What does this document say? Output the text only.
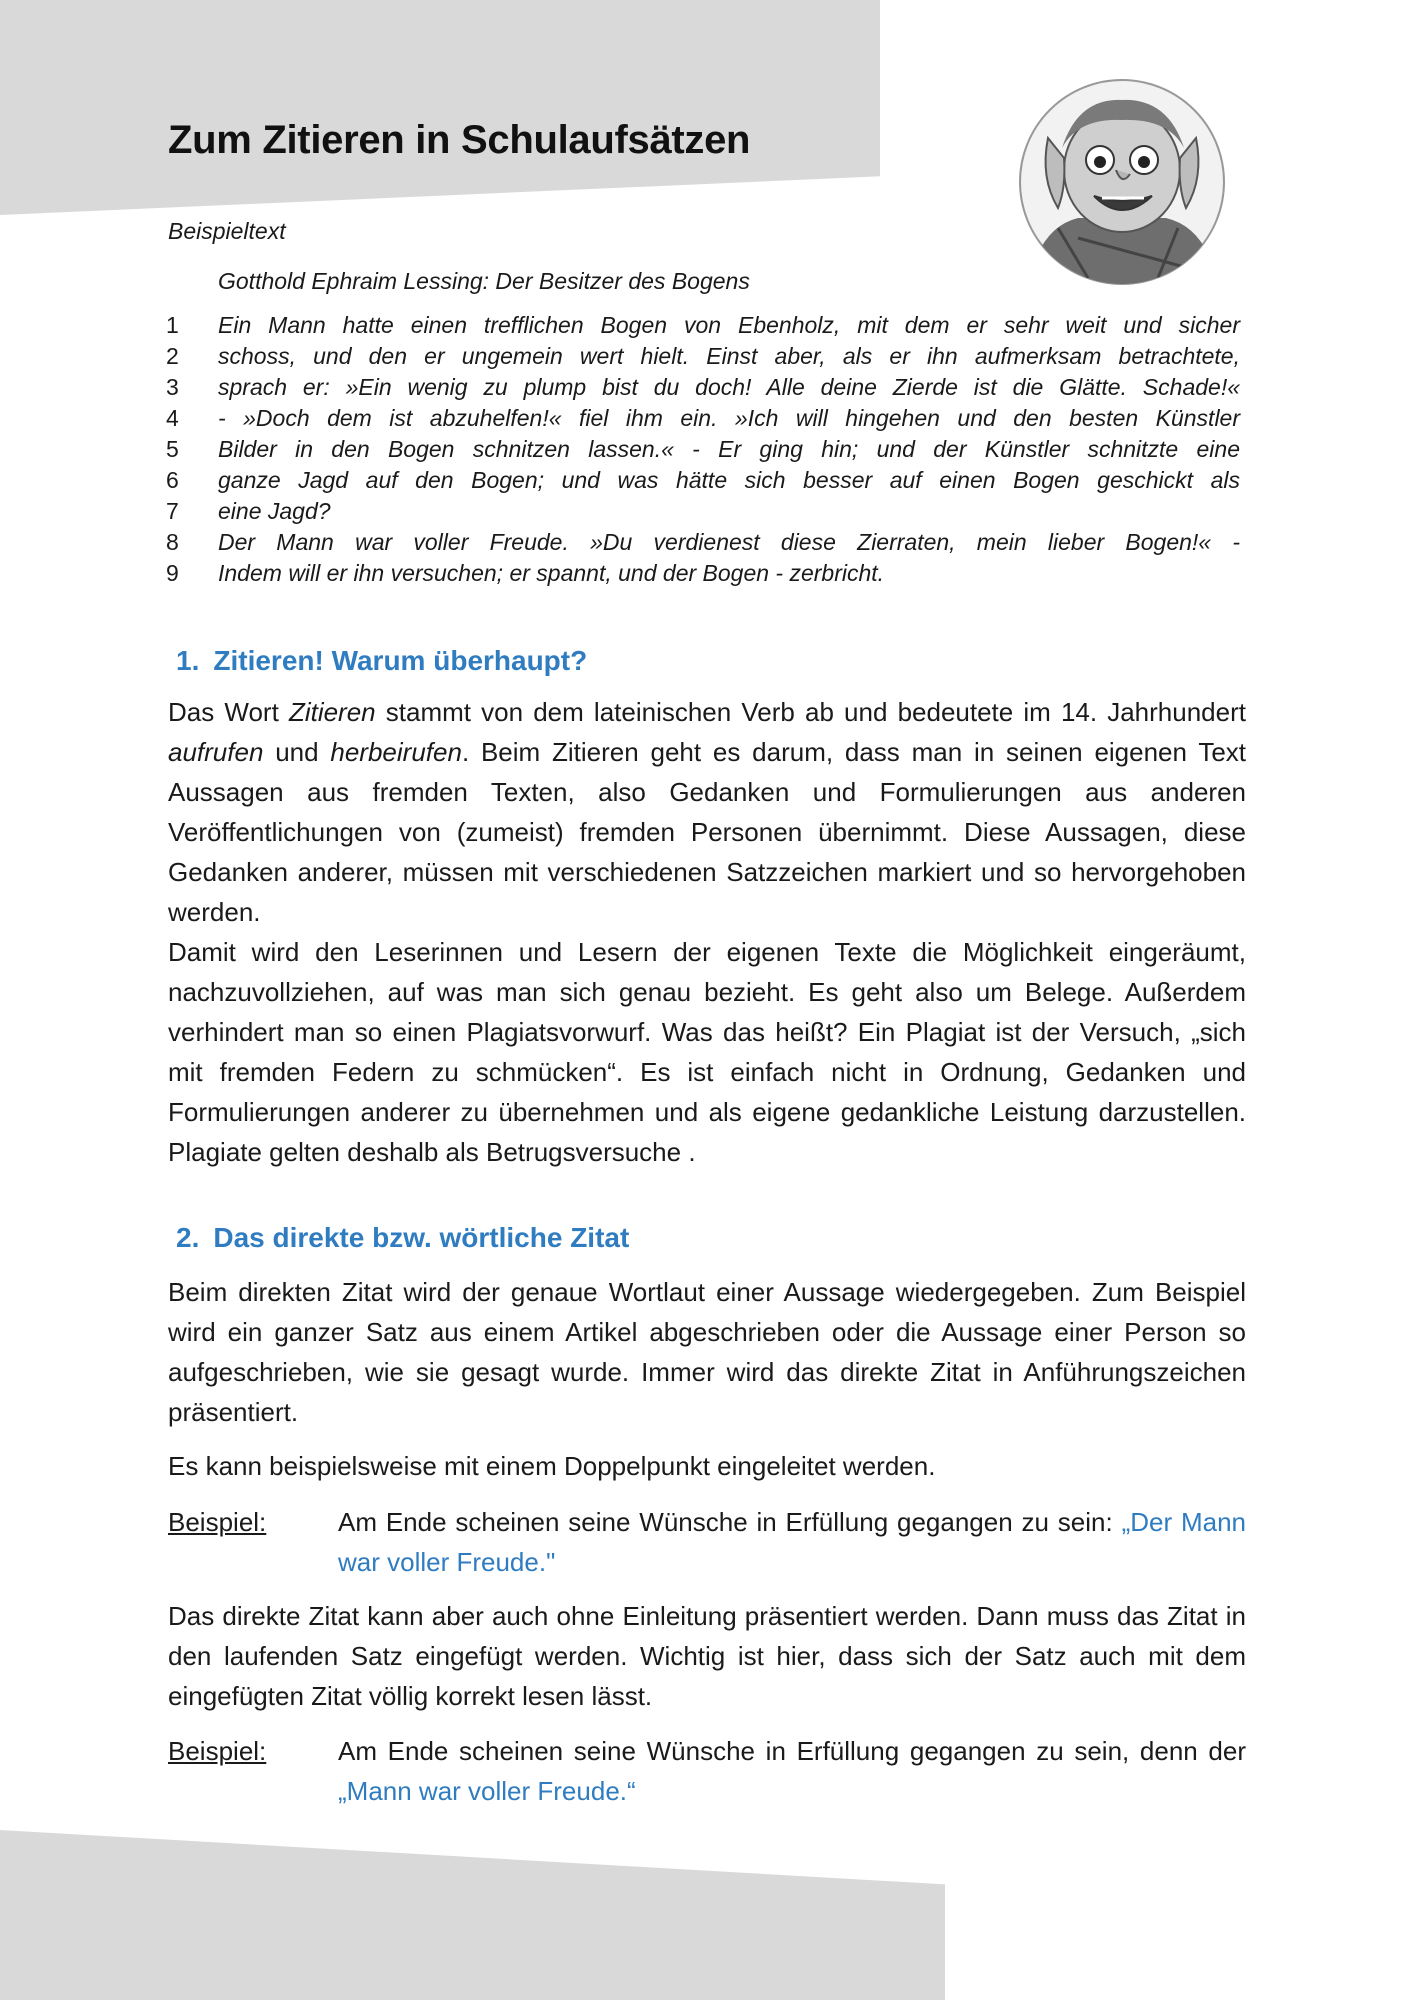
Zum Zitieren in Schulaufsätzen
Beispieltext
Gotthold Ephraim Lessing: Der Besitzer des Bogens
1	Ein Mann hatte einen trefflichen Bogen von Ebenholz, mit dem er sehr weit und sicher
2	schoss, und den er ungemein wert hielt. Einst aber, als er ihn aufmerksam betrachtete,
3	sprach er: »Ein wenig zu plump bist du doch! Alle deine Zierde ist die Glätte. Schade!«
4	- »Doch dem ist abzuhelfen!« fiel ihm ein. »Ich will hingehen und den besten Künstler
5	Bilder in den Bogen schnitzen lassen.« - Er ging hin; und der Künstler schnitzte eine
6	ganze Jagd auf den Bogen; und was hätte sich besser auf einen Bogen geschickt als
7	eine Jagd?
8	Der Mann war voller Freude. »Du verdienest diese Zierraten, mein lieber Bogen!« -
9	Indem will er ihn versuchen; er spannt, und der Bogen - zerbricht.
1. Zitieren! Warum überhaupt?

Das Wort Zitieren stammt von dem lateinischen Verb ab und bedeutete im 14. Jahrhundert aufrufen und herbeirufen. Beim Zitieren geht es darum, dass man in seinen eigenen Text Aussagen aus fremden Texten, also Gedanken und Formulierungen aus anderen Veröffentlichungen von (zumeist) fremden Personen übernimmt. Diese Aussagen, diese Gedanken anderer, müssen mit verschiedenen Satzzeichen markiert und so hervorgehoben werden.

Damit wird den Leserinnen und Lesern der eigenen Texte die Möglichkeit eingeräumt, nachzuvollziehen, auf was man sich genau bezieht. Es geht also um Belege. Außerdem verhindert man so einen Plagiatsvorwurf. Was das heißt? Ein Plagiat ist der Versuch, „sich mit fremden Federn zu schmücken“. Es ist einfach nicht in Ordnung, Gedanken und Formulierungen anderer zu übernehmen und als eigene gedankliche Leistung darzustellen. Plagiate gelten deshalb als Betrugsversuche .

2. Das direkte bzw. wörtliche Zitat

Beim direkten Zitat wird der genaue Wortlaut einer Aussage wiedergegeben. Zum Beispiel wird ein ganzer Satz aus einem Artikel abgeschrieben oder die Aussage einer Person so aufgeschrieben, wie sie gesagt wurde. Immer wird das direkte Zitat in Anführungszeichen präsentiert.

Es kann beispielsweise mit einem Doppelpunkt eingeleitet werden.

Beispiel:	Am Ende scheinen seine Wünsche in Erfüllung gegangen zu sein: „Der Mann war voller Freude."

Das direkte Zitat kann aber auch ohne Einleitung präsentiert werden. Dann muss das Zitat in den laufenden Satz eingefügt werden. Wichtig ist hier, dass sich der Satz auch mit dem eingefügten Zitat völlig korrekt lesen lässt.

Beispiel:	Am Ende scheinen seine Wünsche in Erfüllung gegangen zu sein, denn der „Mann war voller Freude.“
